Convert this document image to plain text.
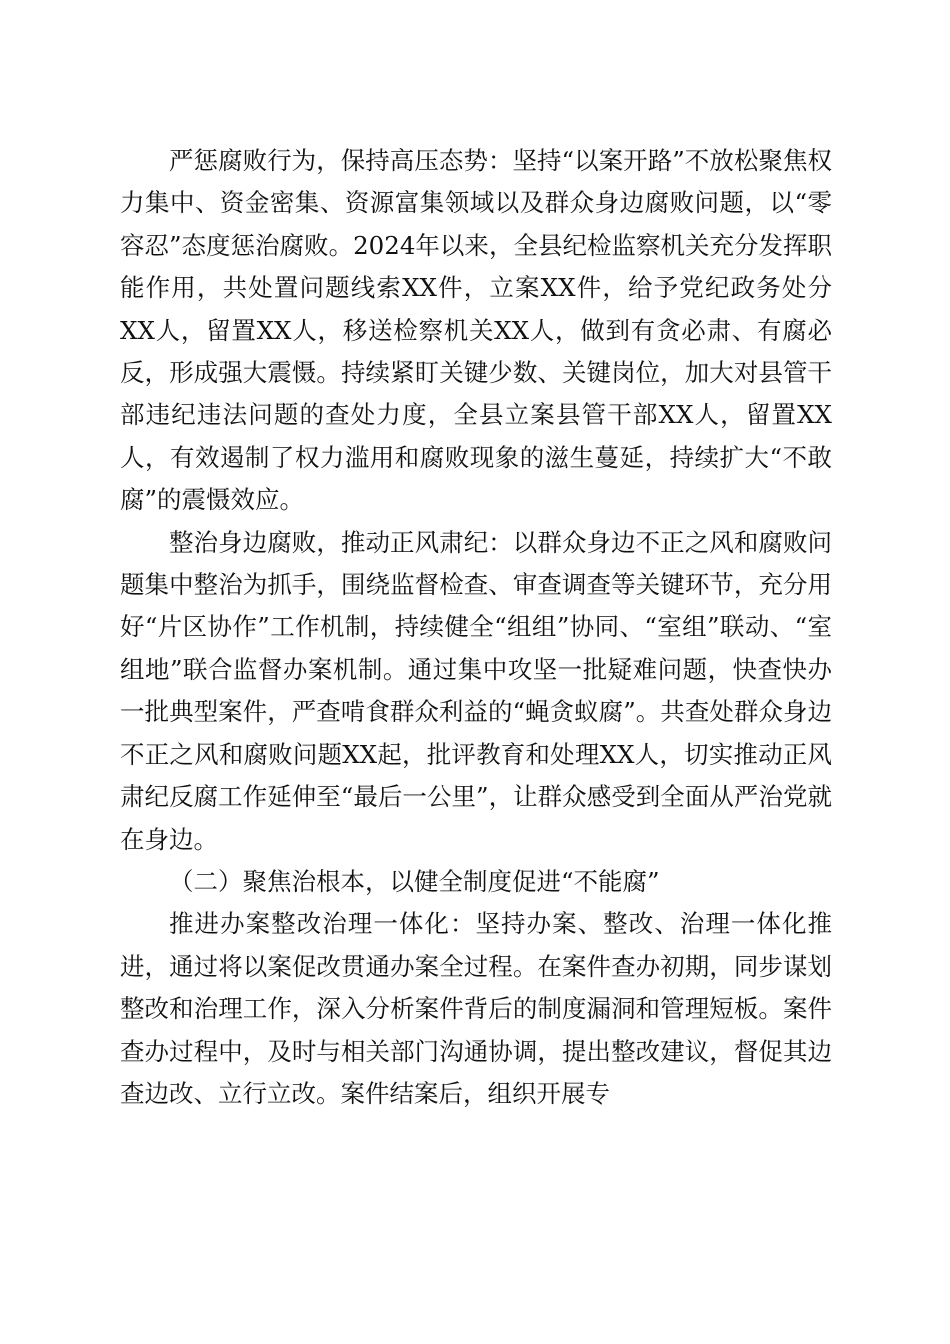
严惩腐败行为，保持高压态势：坚持“以案开路”不放松聚焦权力集中、资金密集、资源富集领域以及群众身边腐败问题，以“零容忍”态度惩治腐败。2024年以来，全县纪检监察机关充分发挥职能作用，共处置问题线索XX件，立案XX件，给予党纪政务处分XX人，留置XX人，移送检察机关XX人，做到有贪必肃、有腐必反，形成强大震慑。持续紧盯关键少数、关键岗位，加大对县管干部违纪违法问题的查处力度，全县立案县管干部XX人，留置XX人，有效遏制了权力滥用和腐败现象的滋生蔓延，持续扩大“不敢腐”的震慑效应。

整治身边腐败，推动正风肃纪：以群众身边不正之风和腐败问题集中整治为抓手，围绕监督检查、审查调查等关键环节，充分用好“片区协作”工作机制，持续健全“组组”协同、“室组”联动、“室组地”联合监督办案机制。通过集中攻坚一批疑难问题，快查快办一批典型案件，严查啃食群众利益的“蝇贪蚁腐”。共查处群众身边不正之风和腐败问题XX起，批评教育和处理XX人，切实推动正风肃纪反腐工作延伸至“最后一公里”，让群众感受到全面从严治党就在身边。

（二）聚焦治根本，以健全制度促进“不能腐”

推进办案整改治理一体化：坚持办案、整改、治理一体化推进，通过将以案促改贯通办案全过程。在案件查办初期，同步谋划整改和治理工作，深入分析案件背后的制度漏洞和管理短板。案件查办过程中，及时与相关部门沟通协调，提出整改建议，督促其边查边改、立行立改。案件结案后，组织开展专
